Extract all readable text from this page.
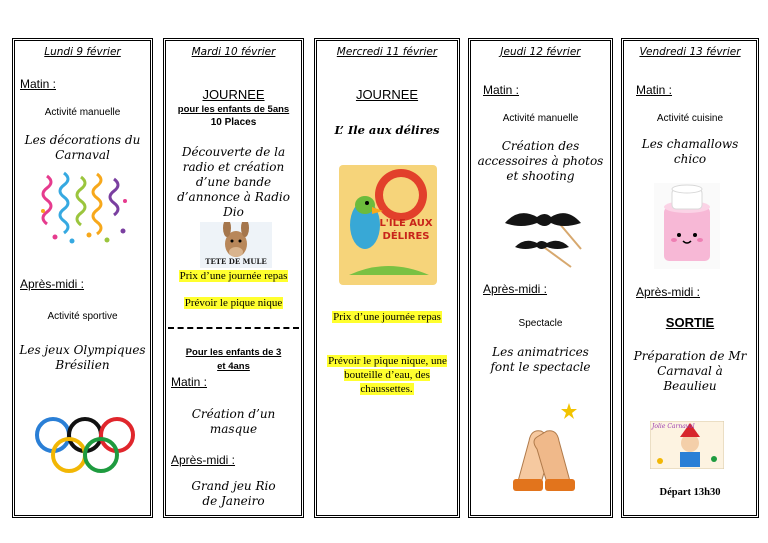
Lundi 9 février
Matin :
Activité manuelle
Les décorations du Carnaval
Après-midi :
Activité sportive
Les jeux Olympiques Brésilien
Mardi 10 février
JOURNEE
pour les enfants de 5ans
10 Places
Découverte de la radio et création d’une bande d’annonce à Radio Dio
TETE DE MULE
Prix d’une journée repas
Prévoir le pique nique
Pour les enfants de 3 et 4ans
Matin :
Création d’un masque
Après-midi :
Grand jeu Rio de Janeiro
Mercredi 11 février
JOURNEE
L’ Ile aux délires
L'ILE AUX DÉLIRES
Prix d’une journée repas
Prévoir le pique nique, une bouteille d’eau, des chaussettes.
Jeudi 12 février
Matin :
Activité manuelle
Création des accessoires à photos et shooting
Après-midi :
Spectacle
Les animatrices font le spectacle
Vendredi 13 février
Matin :
Activité cuisine
Les chamallows chico
Après-midi :
SORTIE
Préparation de Mr Carnaval à Beaulieu
Jolie Carnaval
Départ 13h30
